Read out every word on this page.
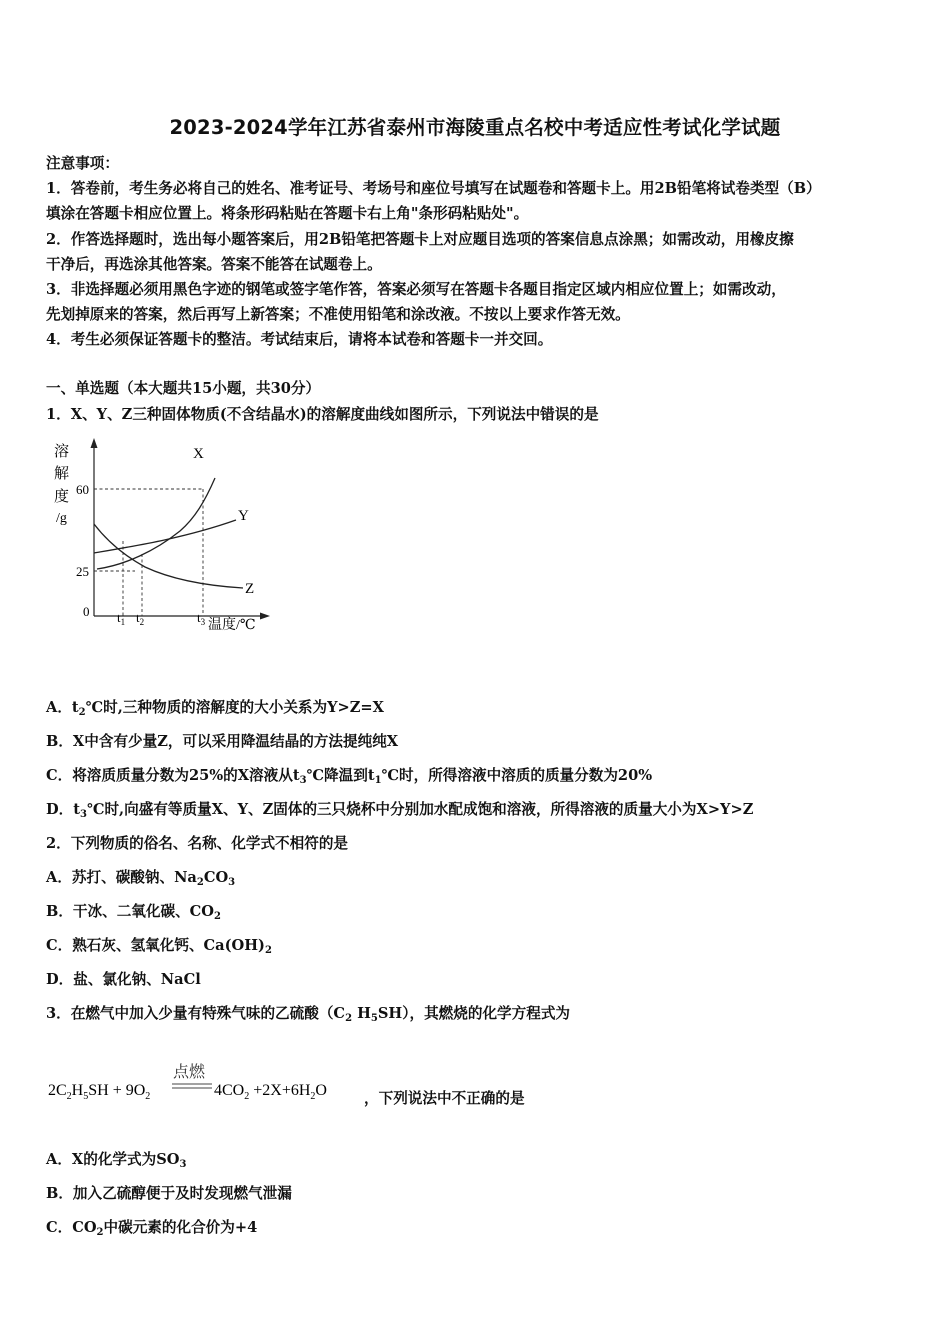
2023-2024学年江苏省泰州市海陵重点名校中考适应性考试化学试题
注意事项：
1．答卷前，考生务必将自己的姓名、准考证号、考场号和座位号填写在试题卷和答题卡上。用2B铅笔将试卷类型（B）
填涂在答题卡相应位置上。将条形码粘贴在答题卡右上角"条形码粘贴处"。
2．作答选择题时，选出每小题答案后，用2B铅笔把答题卡上对应题目选项的答案信息点涂黑；如需改动，用橡皮擦
干净后，再选涂其他答案。答案不能答在试题卷上。
3．非选择题必须用黑色字迹的钢笔或签字笔作答，答案必须写在答题卡各题目指定区域内相应位置上；如需改动，
先划掉原来的答案，然后再写上新答案；不准使用铅笔和涂改液。不按以上要求作答无效。
4．考生必须保证答题卡的整洁。考试结束后，请将本试卷和答题卡一并交回。
一、单选题（本大题共15小题，共30分）
1．X、Y、Z三种固体物质(不含结晶水)的溶解度曲线如图所示，下列说法中错误的是
溶
解
度
/g
60
25
0 $t_1$ $t_2$	$t_3$ 温度/℃
X
Y
Z
A．$t_2℃$时,三种物质的溶解度的大小关系为Y>Z=X
B．X中含有少量Z，可以采用降温结晶的方法提纯纯X
C．将溶质质量分数为25%的X溶液从$t_3℃$降温到$t_1℃$时，所得溶液中溶质的质量分数为20%
D．$t_3℃$时,向盛有等质量X、Y、Z固体的三只烧杯中分别加水配成饱和溶液，所得溶液的质量大小为X>Y>Z
2．下列物质的俗名、名称、化学式不相符的是
A．苏打、碳酸钠、$Na_2CO_3$
B．干冰、二氧化碳、$CO_2$
C．熟石灰、氢氧化钙、$Ca(OH)_2$
D．盐、氯化钠、NaCl
3．在燃气中加入少量有特殊气味的乙硫酸（$C_2$ $H_5SH$），其燃烧的化学方程式为
$2C_2H_5SH + 9O_2$
点燃
$4CO_2 +2X+6H_2O$	，下列说法中不正确的是
A．X的化学式为$SO_3$
B．加入乙硫醇便于及时发现燃气泄漏
C．$CO_2$中碳元素的化合价为+4
